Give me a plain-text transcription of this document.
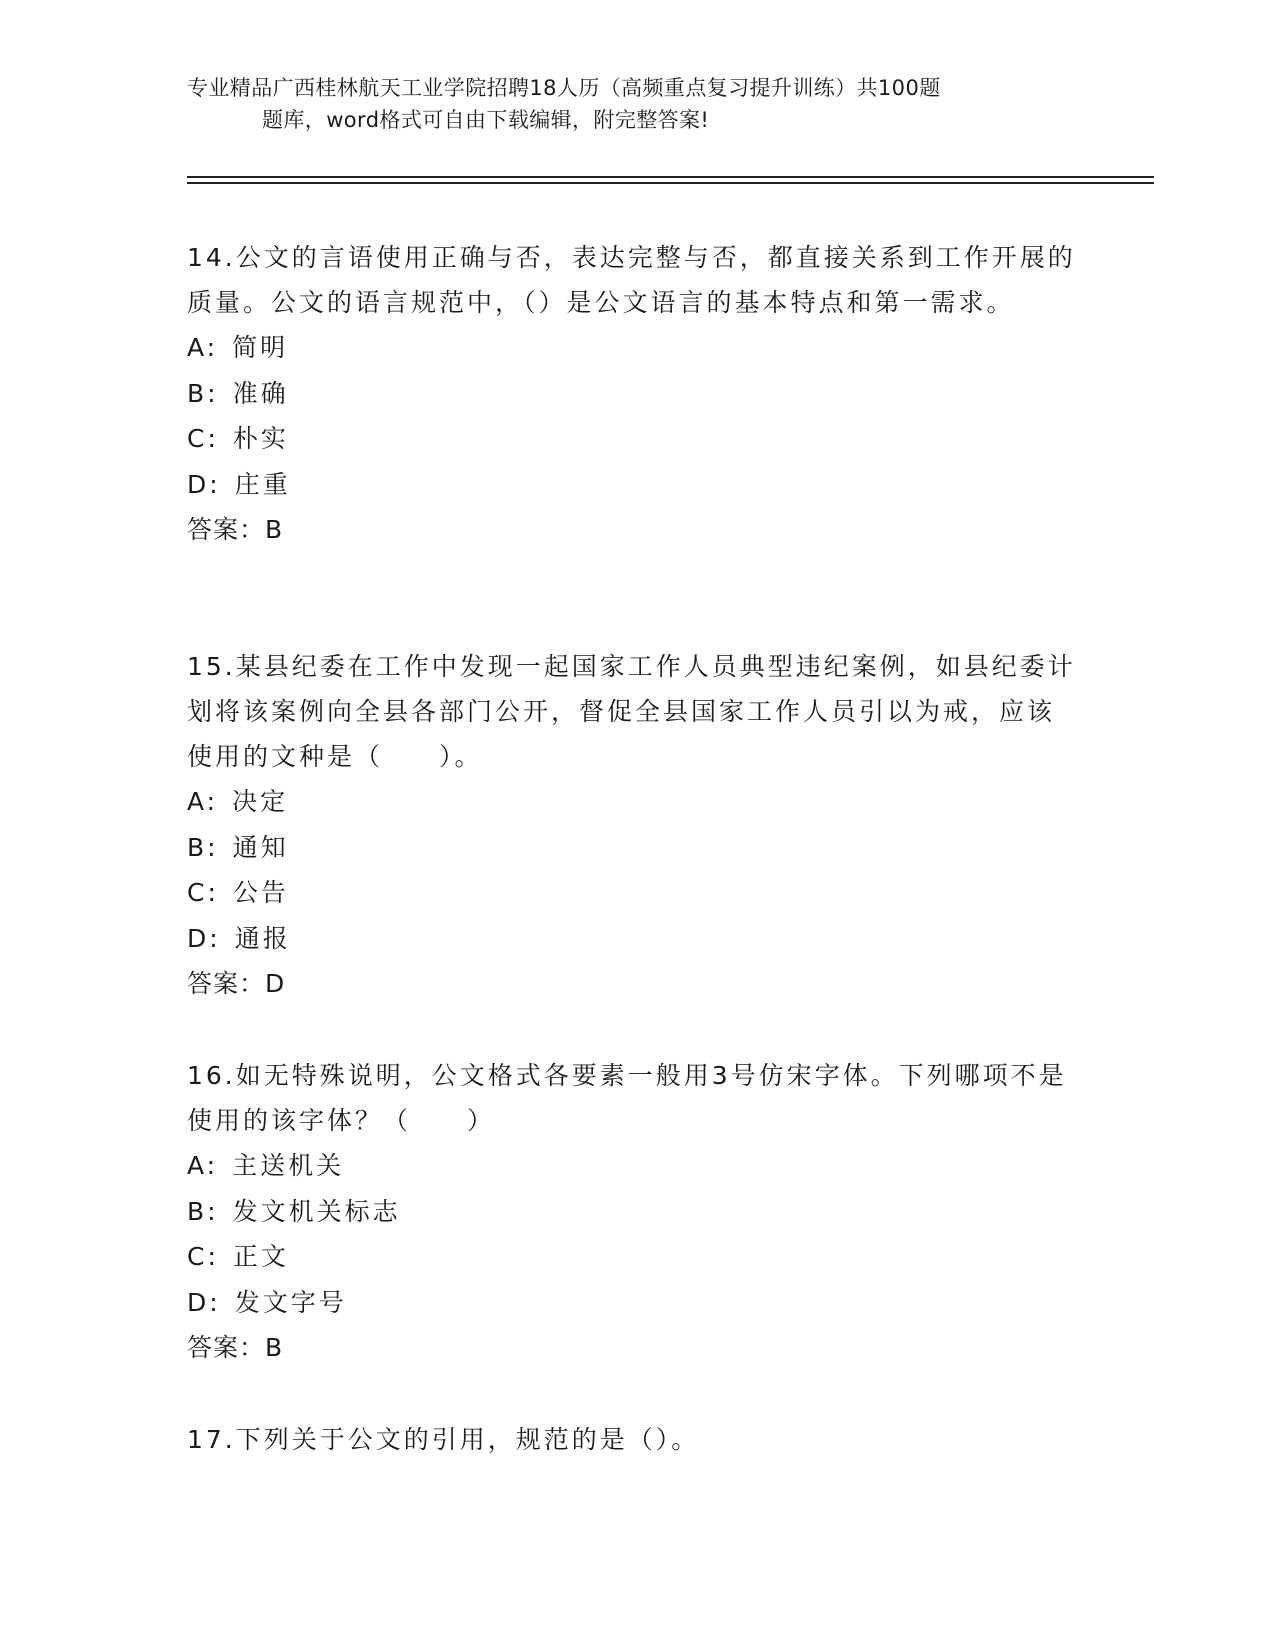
专业精品广西桂林航天工业学院招聘18人历（高频重点复习提升训练）共100题
题库，word格式可自由下载编辑，附完整答案!

14.公文的言语使用正确与否，表达完整与否，都直接关系到工作开展的质量。公文的语言规范中，（）是公文语言的基本特点和第一需求。

A: 简明

B: 准确

C: 朴实

D: 庄重

答案：B

15.某县纪委在工作中发现一起国家工作人员典型违纪案例，如县纪委计划将该案例向全县各部门公开，督促全县国家工作人员引以为戒，应该使用的文种是（　　）。

A: 决定

B: 通知

C: 公告

D: 通报

答案：D

16.如无特殊说明，公文格式各要素一般用3号仿宋字体。下列哪项不是使用的该字体？（　　）

A: 主送机关

B: 发文机关标志

C: 正文

D: 发文字号

答案：B

17.下列关于公文的引用，规范的是（）。
